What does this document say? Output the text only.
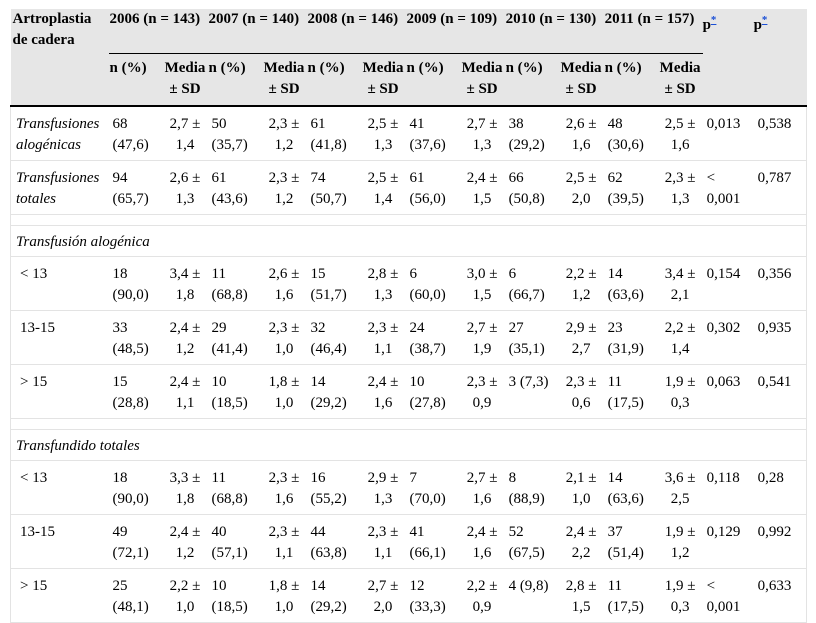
Artroplastia de cadera	2006 (n = 143)		2007 (n = 140)		2008 (n = 146)		2009 (n = 109)		2010 (n = 130)		2011 (n = 157)		p*	p*
	n (%)	Media ± SD	n (%)	Media ± SD	n (%)	Media ± SD	n (%)	Media ± SD	n (%)	Media ± SD	n (%)	Media ± SD		
Transfusiones alogénicas	68 (47,6)	2,7 ± 1,4	50 (35,7)	2,3 ± 1,2	61 (41,8)	2,5 ± 1,3	41 (37,6)	2,7 ± 1,3	38 (29,2)	2,6 ± 1,6	48 (30,6)	2,5 ± 1,6	0,013	0,538
Transfusiones totales	94 (65,7)	2,6 ± 1,3	61 (43,6)	2,3 ± 1,2	74 (50,7)	2,5 ± 1,4	61 (56,0)	2,4 ± 1,5	66 (50,8)	2,5 ± 2,0	62 (39,5)	2,3 ± 1,3	< 0,001	0,787

Transfusión alogénica														
< 13	18 (90,0)	3,4 ± 1,8	11 (68,8)	2,6 ± 1,6	15 (51,7)	2,8 ± 1,3	6 (60,0)	3,0 ± 1,5	6 (66,7)	2,2 ± 1,2	14 (63,6)	3,4 ± 2,1	0,154	0,356
13-15	33 (48,5)	2,4 ± 1,2	29 (41,4)	2,3 ± 1,0	32 (46,4)	2,3 ± 1,1	24 (38,7)	2,7 ± 1,9	27 (35,1)	2,9 ± 2,7	23 (31,9)	2,2 ± 1,4	0,302	0,935
> 15	15 (28,8)	2,4 ± 1,1	10 (18,5)	1,8 ± 1,0	14 (29,2)	2,4 ± 1,6	10 (27,8)	2,3 ± 0,9	3 (7,3)	2,3 ± 0,6	11 (17,5)	1,9 ± 0,3	0,063	0,541

Transfundido totales														
< 13	18 (90,0)	3,3 ± 1,8	11 (68,8)	2,3 ± 1,6	16 (55,2)	2,9 ± 1,3	7 (70,0)	2,7 ± 1,6	8 (88,9)	2,1 ± 1,0	14 (63,6)	3,6 ± 2,5	0,118	0,28
13-15	49 (72,1)	2,4 ± 1,2	40 (57,1)	2,3 ± 1,1	44 (63,8)	2,3 ± 1,1	41 (66,1)	2,4 ± 1,6	52 (67,5)	2,4 ± 2,2	37 (51,4)	1,9 ± 1,2	0,129	0,992
> 15	25 (48,1)	2,2 ± 1,0	10 (18,5)	1,8 ± 1,0	14 (29,2)	2,7 ± 2,0	12 (33,3)	2,2 ± 0,9	4 (9,8)	2,8 ± 1,5	11 (17,5)	1,9 ± 0,3	< 0,001	0,633
